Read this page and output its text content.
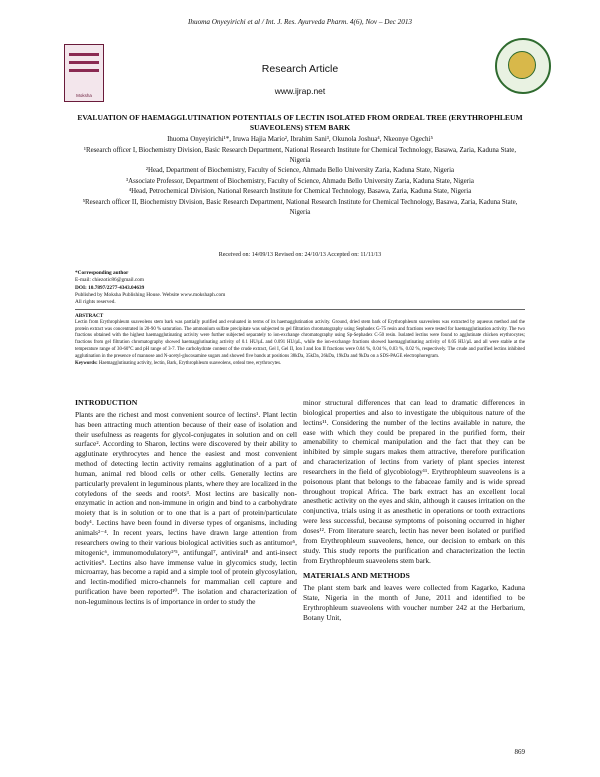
Ihuoma Onyeyirichi et al / Int. J. Res. Ayurveda Pharm. 4(6), Nov – Dec 2013
Moksha
Research Article
www.ijrap.net
EVALUATION OF HAEMAGGLUTINATION POTENTIALS OF LECTIN ISOLATED FROM ORDEAL TREE (ERYTHROPHLEUM SUAVEOLENS) STEM BARK
Ihuoma Onyeyirichi¹*, Iruwa Hajia Mario², Ibrahim Sani³, Okunola Joshua⁴, Nkeonye Ogechi⁵

¹Research officer I, Biochemistry Division, Basic Research Department, National Research Institute for Chemical Technology, Basawa, Zaria, Kaduna State, Nigeria

²Head, Department of Biochemistry, Faculty of Science, Ahmadu Bello University Zaria, Kaduna State, Nigeria

³Associate Professor, Department of Biochemistry, Faculty of Science, Ahmadu Bello University Zaria, Kaduna State, Nigeria

⁴Head, Petrochemical Division, National Research Institute for Chemical Technology, Basawa, Zaria, Kaduna State, Nigeria

⁵Research officer II, Biochemistry Division, Basic Research Department, National Research Institute for Chemical Technology, Basawa, Zaria, Kaduna State, Nigeria

Received on: 14/09/13 Revised on: 24/10/13 Accepted on: 11/11/13
*Corresponding author
E-mail: chiezotic86@gmail.com
DOI: 10.7897/2277-4343.04639
Published by Moksha Publishing House. Website www.mokshaph.com
All rights reserved.
ABSTRACT
Lectin from Erythrophleum suaveolens stem bark was partially purified and evaluated in terms of its haemagglutination activity. Ground, dried stem bark of Erythrophleum suaveolens was extracted by aqueous method and the protein extract was concentrated in 20-90 % saturation. The ammonium sulfate precipitate was subjected to gel filtration chromatography using Sephadex G-75 resin and fractions were tested for haemagglutination activity. The two fractions obtained with the highest haemagglutinating activity were further subjected separately to ion-exchange chromatography using Sp-Sephadex C-50 resin. Isolated lectins were found to agglutinate chicken erythrocytes; fractions from gel filtration chromatography showed haemagglutinating activity of 0.1 HU/µL and 0.091 HU/µL, while the ion-exchange fractions showed haemagglutinating activity of 0.05 HU/µL and all were stable at the temperature range of 30-60°C and pH range of 3-7. The carbohydrate content of the crude extract, Gel I, Gel II, Ion I and Ion II fractions were 0.04 %, 0.04 %, 0.03 %, 0.02 %, respectively. The crude and purified lectins inhibited agglutination in the presence of mannose and N-acetyl-glucosamine sugars and showed five bands at positions 38kDa, 35kDa, 26kDa, 19kDa and 9kDa on a SDS-PAGE electrophoregram.
Keywords: Haemagglutinating activity, lectin, Bark, Erythrophleum suaveolens, ordeal tree, erythrocytes.
INTRODUCTION

Plants are the richest and most convenient source of lectins¹. Plant lectin has been attracting much attention because of their ease of isolation and their usefulness as reagents for glycol-conjugates in solution and on cell surface². According to Sharon, lectins were discovered by their ability to agglutinate erythrocytes and hence the easiest and most convenient method of detecting lectin activity remains agglutination of a part of human, animal red blood cells or other cells. Generally lectins are particularly prevalent in leguminous plants, where they are localized in the cotyledons of the seeds and roots³. Most lectins are basically non-enzymatic in action and non-immune in origin and bind to a carbohydrate moiety that is in solution or to one that is a part of protein/particulate body¹. Lectins have been found in diverse types of organisms, including animals²⁻⁴. In recent years, lectins have drawn large attention from researchers owing to their various biological activities such as antitumor⁵, mitogenic⁶, immunomodulatory²ʹ⁵, antifungal⁷, antiviral⁸ and anti-insect activities⁹. Lectins also have immense value in glycomics study, lectin microarray, has become a rapid and a simple tool of protein glycosylation, and lectin-modified micro-channels for mammalian cell capture and purification have been reported¹⁰. The isolation and characterization of non-leguminous lectins is of importance in order to study the

minor structural differences that can lead to dramatic differences in biological properties and also to investigate the ubiquitous nature of the lectins¹¹. Considering the number of the lectins available in nature, the ease with which they could be prepared in the purified form, their amenability to chemical manipulation and the fact that they can be inhibited by simple sugars makes them attractive, therefore purification and characterization of lectins from variety of plant species interest researchers in the field of glycobiology¹¹. Erythrophleum suaveolens is a poisonous plant that belongs to the fabaceae family and is wide spread throughout tropical Africa. The bark extract has an excellent local anesthetic activity on the eyes and skin, although it causes irritation on the conjunctiva, trials using it as anesthetic in operations or tooth extractions were less successful, because symptoms of poisoning occurred in higher doses¹². From literature search, lectin has never been isolated or purified from Erythrophleum suaveolens, hence, our decision to embark on this study. This study reports the purification and characterization the lectin from Erythrophleum suaveolens stem bark.

MATERIALS AND METHODS

The plant stem bark and leaves were collected from Kagarko, Kaduna State, Nigeria in the month of June, 2011 and identified to be Erythrophleum suaveolens with voucher number 242 at the Herbarium, Botany Unit,

869
